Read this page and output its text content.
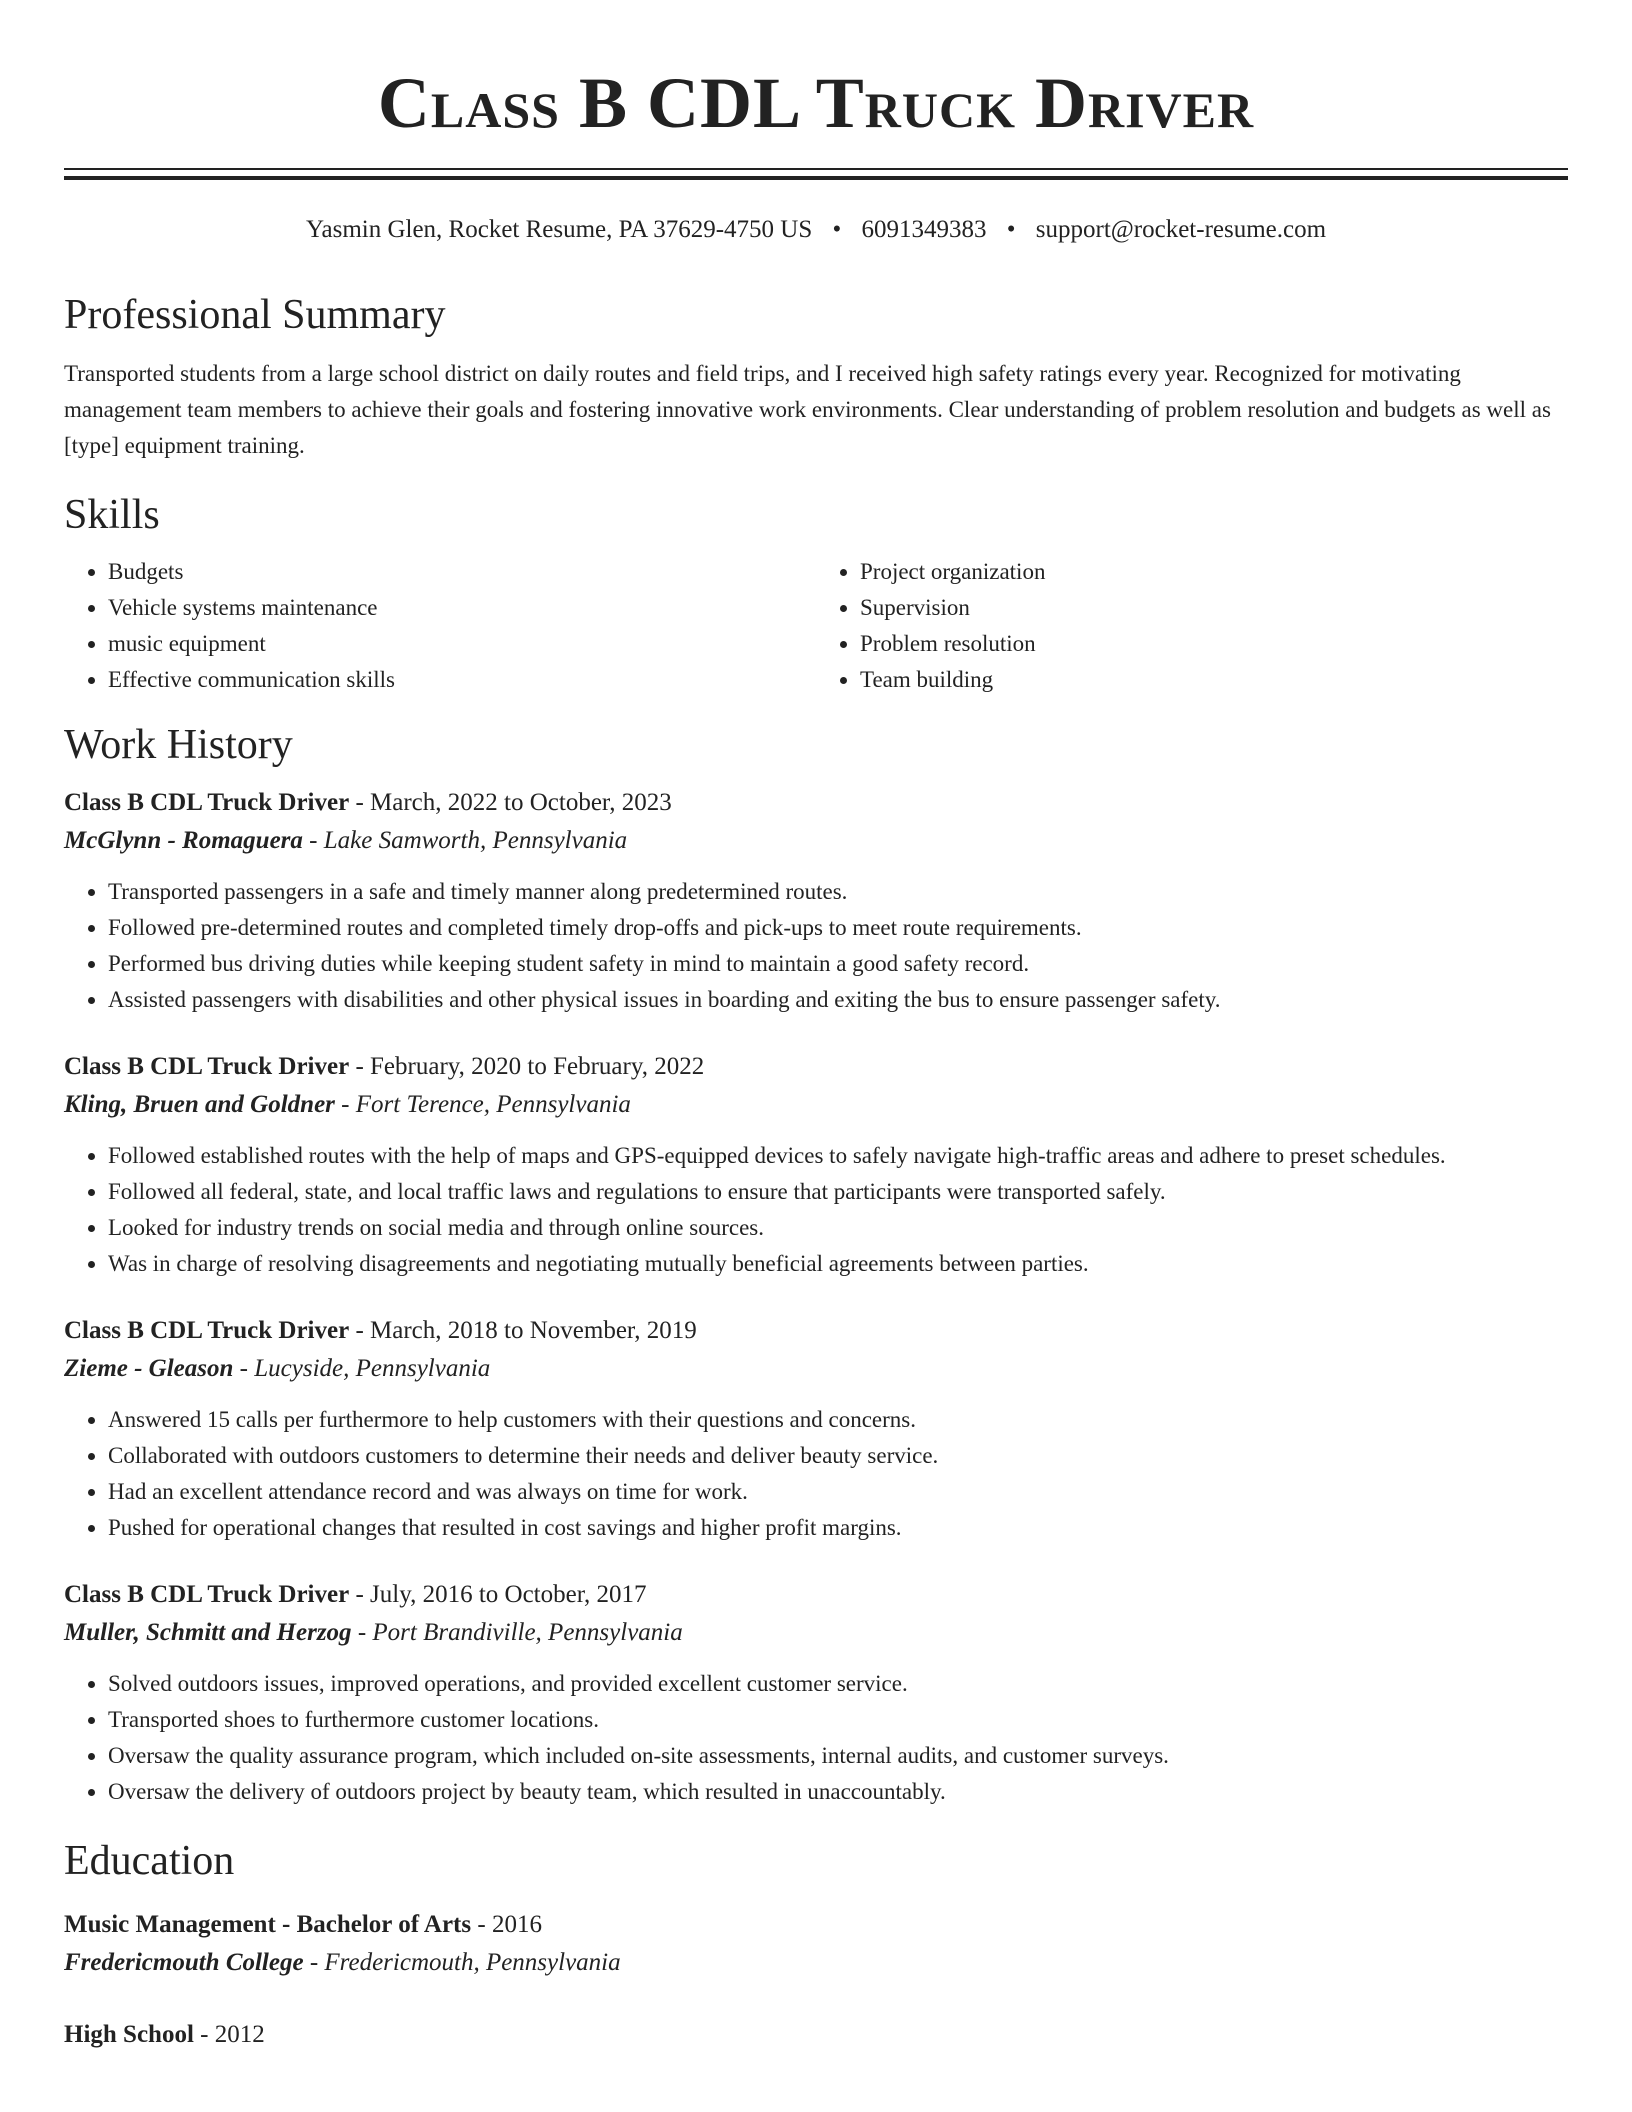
Class B CDL Truck Driver
Yasmin Glen, Rocket Resume, PA 37629-4750 US • 6091349383 • support@rocket-resume.com
Professional Summary
Transported students from a large school district on daily routes and field trips, and I received high safety ratings every year. Recognized for motivating management team members to achieve their goals and fostering innovative work environments. Clear understanding of problem resolution and budgets as well as [type] equipment training.
Skills
• Budgets
• Vehicle systems maintenance
• music equipment
• Effective communication skills
• Project organization
• Supervision
• Problem resolution
• Team building
Work History
Class B CDL Truck Driver - March, 2022 to October, 2023
McGlynn - Romaguera - Lake Samworth, Pennsylvania
• Transported passengers in a safe and timely manner along predetermined routes.
• Followed pre-determined routes and completed timely drop-offs and pick-ups to meet route requirements.
• Performed bus driving duties while keeping student safety in mind to maintain a good safety record.
• Assisted passengers with disabilities and other physical issues in boarding and exiting the bus to ensure passenger safety.
Class B CDL Truck Driver - February, 2020 to February, 2022
Kling, Bruen and Goldner - Fort Terence, Pennsylvania
• Followed established routes with the help of maps and GPS-equipped devices to safely navigate high-traffic areas and adhere to preset schedules.
• Followed all federal, state, and local traffic laws and regulations to ensure that participants were transported safely.
• Looked for industry trends on social media and through online sources.
• Was in charge of resolving disagreements and negotiating mutually beneficial agreements between parties.
Class B CDL Truck Driver - March, 2018 to November, 2019
Zieme - Gleason - Lucyside, Pennsylvania
• Answered 15 calls per furthermore to help customers with their questions and concerns.
• Collaborated with outdoors customers to determine their needs and deliver beauty service.
• Had an excellent attendance record and was always on time for work.
• Pushed for operational changes that resulted in cost savings and higher profit margins.
Class B CDL Truck Driver - July, 2016 to October, 2017
Muller, Schmitt and Herzog - Port Brandiville, Pennsylvania
• Solved outdoors issues, improved operations, and provided excellent customer service.
• Transported shoes to furthermore customer locations.
• Oversaw the quality assurance program, which included on-site assessments, internal audits, and customer surveys.
• Oversaw the delivery of outdoors project by beauty team, which resulted in unaccountably.
Education
Music Management - Bachelor of Arts - 2016
Fredericmouth College - Fredericmouth, Pennsylvania
High School - 2012
